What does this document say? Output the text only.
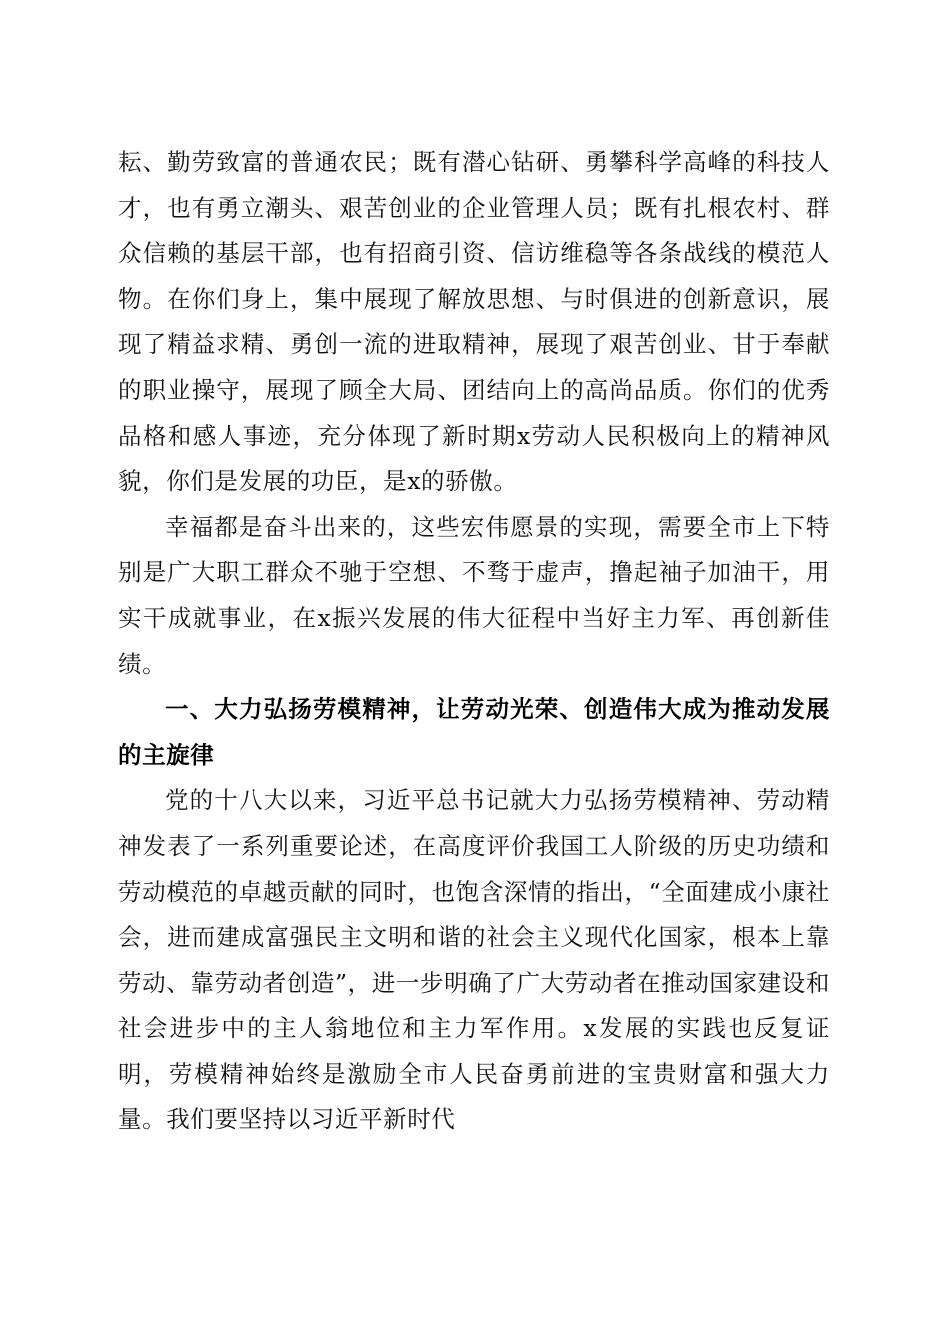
耘、勤劳致富的普通农民；既有潜心钻研、勇攀科学高峰的科技人才，也有勇立潮头、艰苦创业的企业管理人员；既有扎根农村、群众信赖的基层干部，也有招商引资、信访维稳等各条战线的模范人物。在你们身上，集中展现了解放思想、与时俱进的创新意识，展现了精益求精、勇创一流的进取精神，展现了艰苦创业、甘于奉献的职业操守，展现了顾全大局、团结向上的高尚品质。你们的优秀品格和感人事迹，充分体现了新时期x劳动人民积极向上的精神风貌，你们是发展的功臣，是x的骄傲。

幸福都是奋斗出来的，这些宏伟愿景的实现，需要全市上下特别是广大职工群众不驰于空想、不骛于虚声，撸起袖子加油干，用实干成就事业，在x振兴发展的伟大征程中当好主力军、再创新佳绩。

一、大力弘扬劳模精神，让劳动光荣、创造伟大成为推动发展的主旋律

党的十八大以来，习近平总书记就大力弘扬劳模精神、劳动精神发表了一系列重要论述，在高度评价我国工人阶级的历史功绩和劳动模范的卓越贡献的同时，也饱含深情的指出，“全面建成小康社会，进而建成富强民主文明和谐的社会主义现代化国家，根本上靠劳动、靠劳动者创造”，进一步明确了广大劳动者在推动国家建设和社会进步中的主人翁地位和主力军作用。x发展的实践也反复证明，劳模精神始终是激励全市人民奋勇前进的宝贵财富和强大力量。我们要坚持以习近平新时代
